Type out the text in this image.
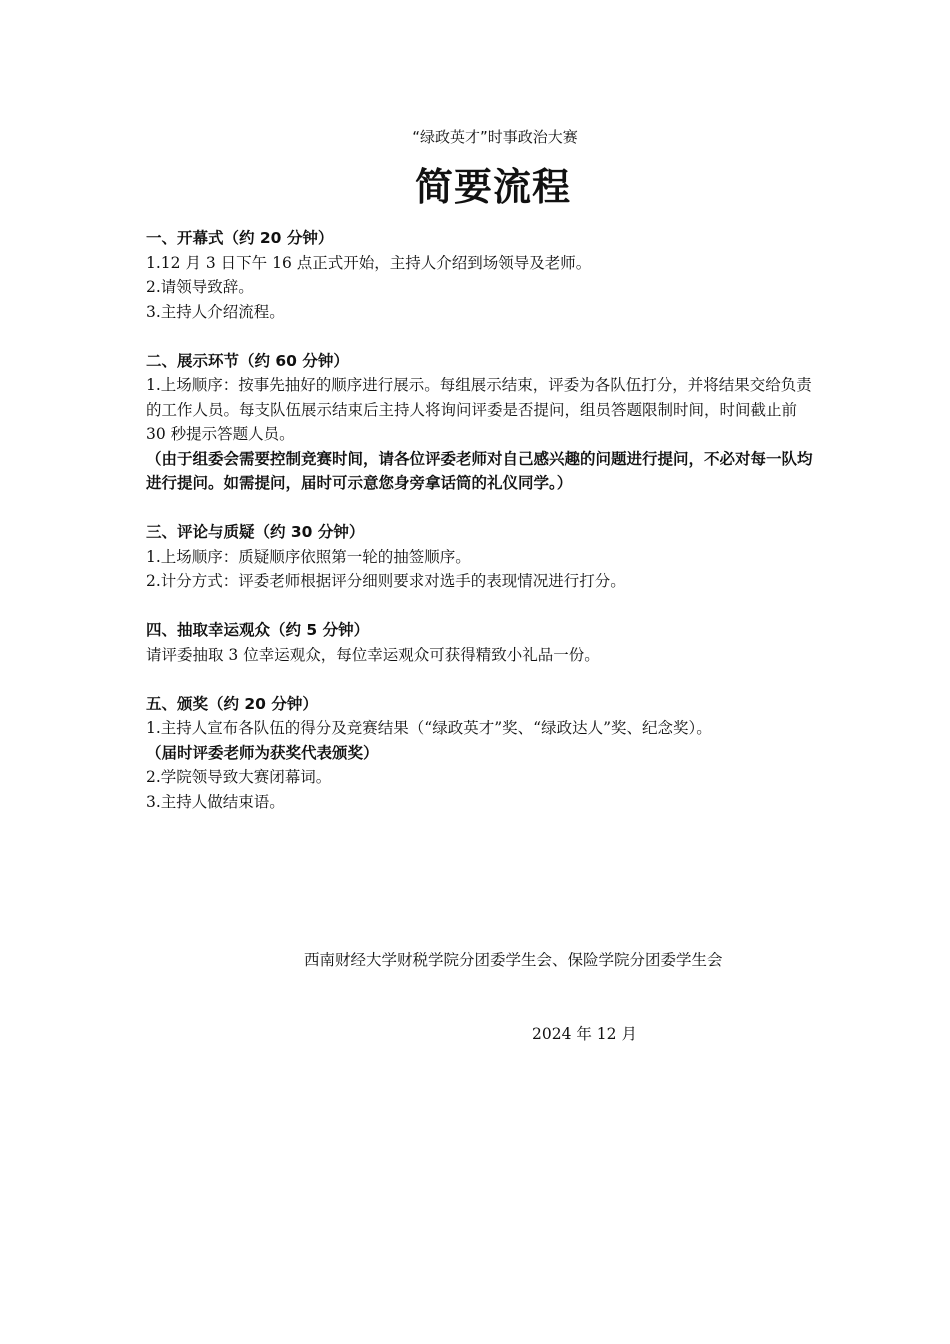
“绿政英才”时事政治大赛
简要流程
一、开幕式（约 20 分钟）

1.12 月 3 日下午 16 点正式开始，主持人介绍到场领导及老师。

2.请领导致辞。

3.主持人介绍流程。

二、展示环节（约 60 分钟）

1.上场顺序：按事先抽好的顺序进行展示。每组展示结束，评委为各队伍打分，并将结果交给负责的工作人员。每支队伍展示结束后主持人将询问评委是否提问，组员答题限制时间，时间截止前 30 秒提示答题人员。

（由于组委会需要控制竞赛时间，请各位评委老师对自己感兴趣的问题进行提问，不必对每一队均进行提问。如需提问，届时可示意您身旁拿话筒的礼仪同学。）

三、评论与质疑（约 30 分钟）

1.上场顺序：质疑顺序依照第一轮的抽签顺序。

2.计分方式：评委老师根据评分细则要求对选手的表现情况进行打分。

四、抽取幸运观众（约 5 分钟）

请评委抽取 3 位幸运观众，每位幸运观众可获得精致小礼品一份。

五、颁奖（约 20 分钟）

1.主持人宣布各队伍的得分及竞赛结果（“绿政英才”奖、“绿政达人”奖、纪念奖）。

（届时评委老师为获奖代表颁奖）

2.学院领导致大赛闭幕词。

3.主持人做结束语。

西南财经大学财税学院分团委学生会、保险学院分团委学生会
2024 年 12 月
